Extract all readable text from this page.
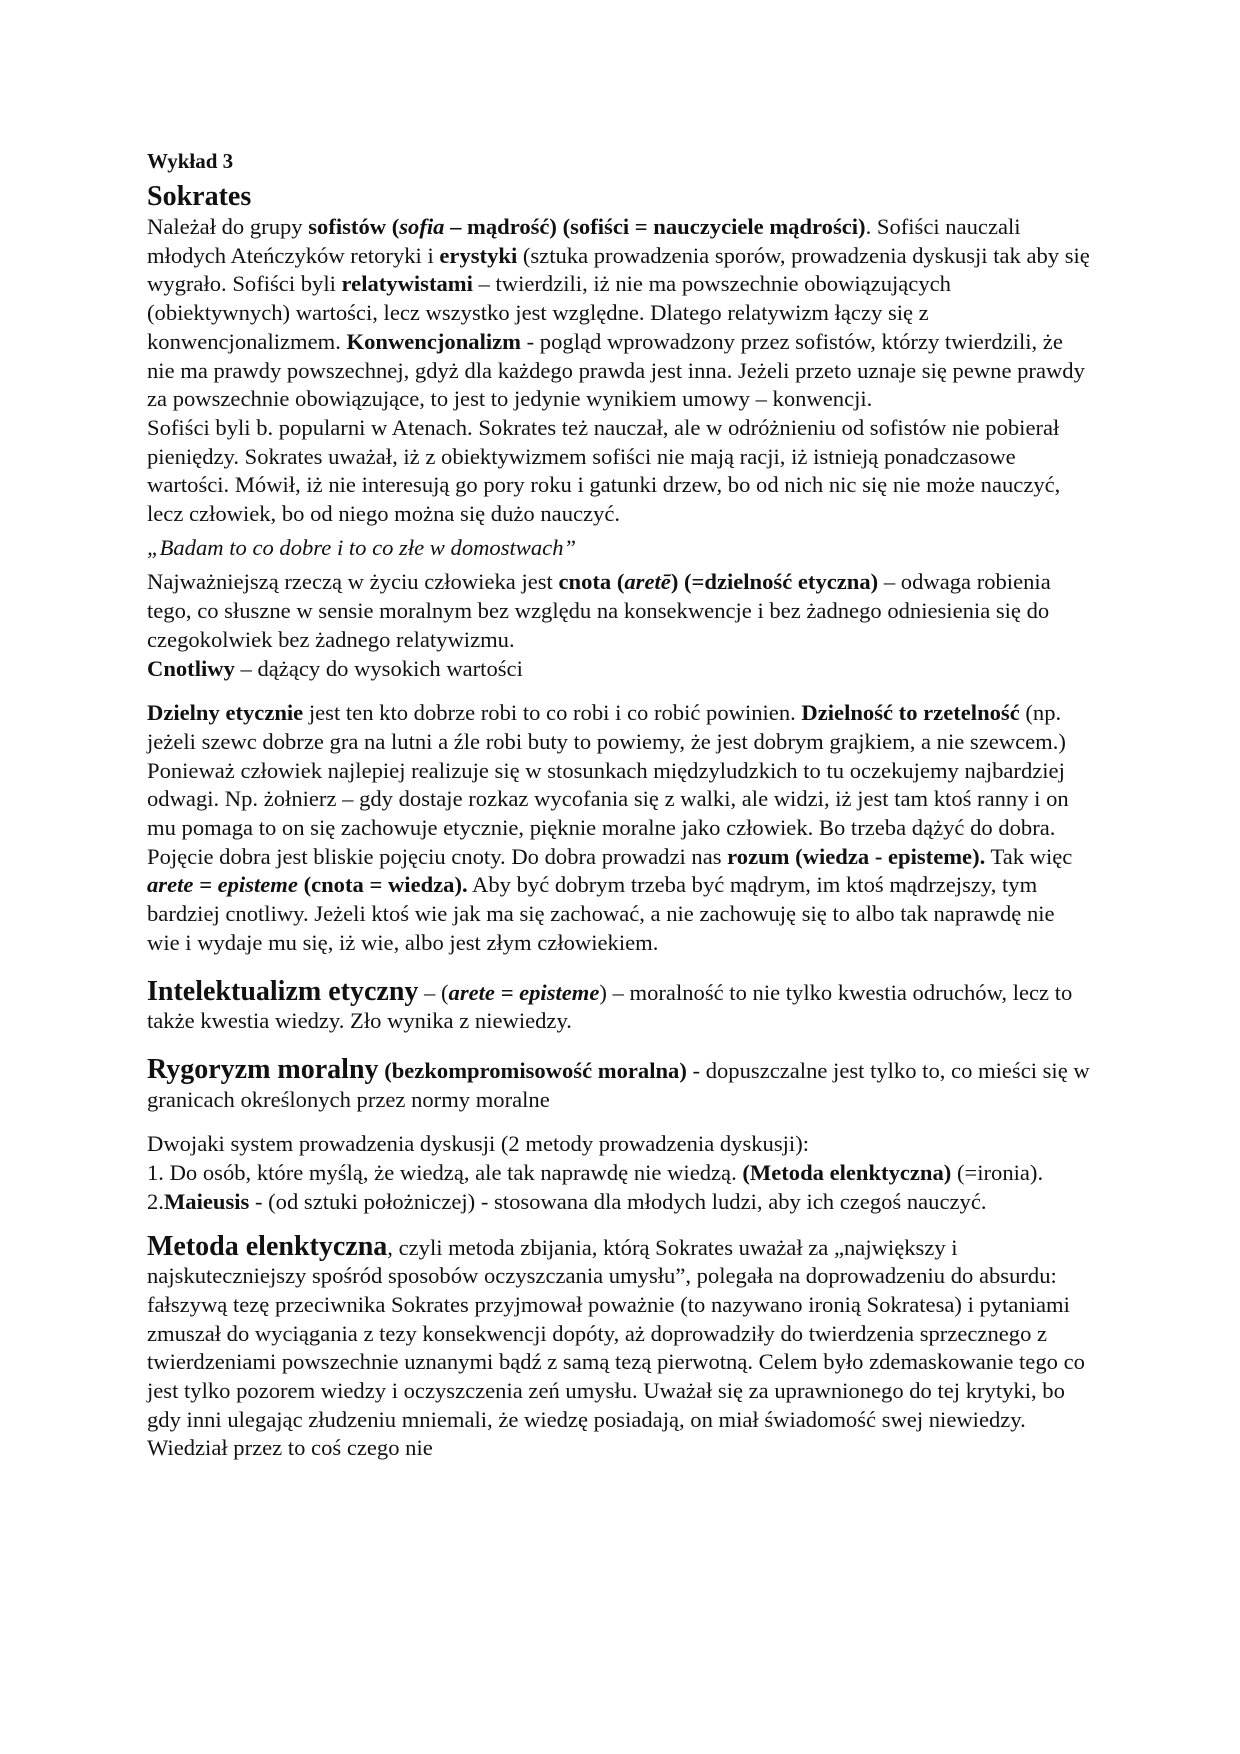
Wykład 3
Sokrates

Należał do grupy sofistów (sofia – mądrość) (sofiści = nauczyciele mądrości). Sofiści nauczali młodych Ateńczyków retoryki i erystyki (sztuka prowadzenia sporów, prowadzenia dyskusji tak aby się wygrało. Sofiści byli relatywistami – twierdzili, iż nie ma powszechnie obowiązujących (obiektywnych) wartości, lecz wszystko jest względne. Dlatego relatywizm łączy się z konwencjonalizmem. Konwencjonalizm - pogląd wprowadzony przez sofistów, którzy twierdzili, że nie ma prawdy powszechnej, gdyż dla każdego prawda jest inna. Jeżeli przeto uznaje się pewne prawdy za powszechnie obowiązujące, to jest to jedynie wynikiem umowy – konwencji.

Sofiści byli b. popularni w Atenach. Sokrates też nauczał, ale w odróżnieniu od sofistów nie pobierał pieniędzy. Sokrates uważał, iż z obiektywizmem sofiści nie mają racji, iż istnieją ponadczasowe wartości. Mówił, iż nie interesują go pory roku i gatunki drzew, bo od nich nic się nie może nauczyć, lecz człowiek, bo od niego można się dużo nauczyć.

„Badam to co dobre i to co złe w domostwach”

Najważniejszą rzeczą w życiu człowieka jest cnota (aretē) (=dzielność etyczna) – odwaga robienia tego, co słuszne w sensie moralnym bez względu na konsekwencje i bez żadnego odniesienia się do czegokolwiek bez żadnego relatywizmu.

Cnotliwy – dążący do wysokich wartości

Dzielny etycznie jest ten kto dobrze robi to co robi i co robić powinien. Dzielność to rzetelność (np. jeżeli szewc dobrze gra na lutni a źle robi buty to powiemy, że jest dobrym grajkiem, a nie szewcem.) Ponieważ człowiek najlepiej realizuje się w stosunkach międzyludzkich to tu oczekujemy najbardziej odwagi. Np. żołnierz – gdy dostaje rozkaz wycofania się z walki, ale widzi, iż jest tam ktoś ranny i on mu pomaga to on się zachowuje etycznie, pięknie moralne jako człowiek. Bo trzeba dążyć do dobra. Pojęcie dobra jest bliskie pojęciu cnoty. Do dobra prowadzi nas rozum (wiedza - episteme). Tak więc arete = episteme (cnota = wiedza). Aby być dobrym trzeba być mądrym, im ktoś mądrzejszy, tym bardziej cnotliwy. Jeżeli ktoś wie jak ma się zachować, a nie zachowuję się to albo tak naprawdę nie wie i wydaje mu się, iż wie, albo jest złym człowiekiem.

Intelektualizm etyczny – (arete = episteme) – moralność to nie tylko kwestia odruchów, lecz to także kwestia wiedzy. Zło wynika z niewiedzy.

Rygoryzm moralny (bezkompromisowość moralna) - dopuszczalne jest tylko to, co mieści się w granicach określonych przez normy moralne

Dwojaki system prowadzenia dyskusji (2 metody prowadzenia dyskusji):

1. Do osób, które myślą, że wiedzą, ale tak naprawdę nie wiedzą. (Metoda elenktyczna) (=ironia).

2.Maieusis - (od sztuki położniczej) - stosowana dla młodych ludzi, aby ich czegoś nauczyć.

Metoda elenktyczna, czyli metoda zbijania, którą Sokrates uważał za „największy i najskuteczniejszy spośród sposobów oczyszczania umysłu”, polegała na doprowadzeniu do absurdu: fałszywą tezę przeciwnika Sokrates przyjmował poważnie (to nazywano ironią Sokratesa) i pytaniami zmuszał do wyciągania z tezy konsekwencji dopóty, aż doprowadziły do twierdzenia sprzecznego z twierdzeniami powszechnie uznanymi bądź z samą tezą pierwotną. Celem było zdemaskowanie tego co jest tylko pozorem wiedzy i oczyszczenia zeń umysłu. Uważał się za uprawnionego do tej krytyki, bo gdy inni ulegając złudzeniu mniemali, że wiedzę posiadają, on miał świadomość swej niewiedzy. Wiedział przez to coś czego nie
